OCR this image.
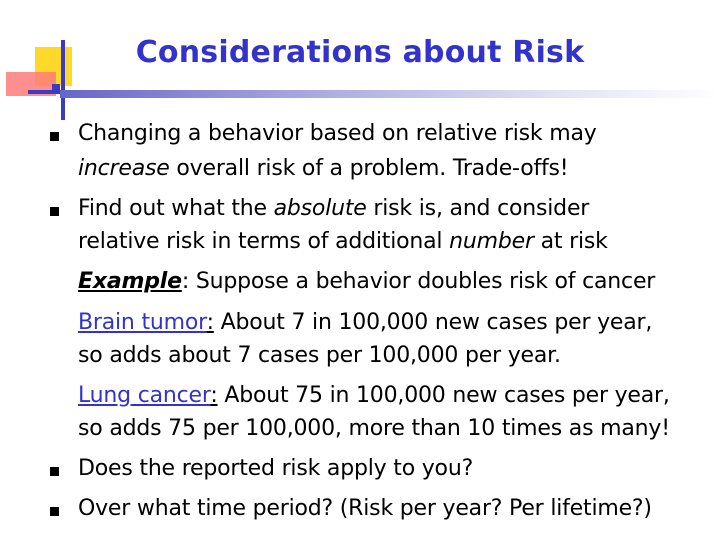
Considerations about Risk
Changing a behavior based on relative risk may
increase overall risk of a problem. Trade-offs!
Find out what the absolute risk is, and consider
relative risk in terms of additional number at risk
Example: Suppose a behavior doubles risk of cancer
Brain tumor: About 7 in 100,000 new cases per year,
so adds about 7 cases per 100,000 per year.
Lung cancer: About 75 in 100,000 new cases per year,
so adds 75 per 100,000, more than 10 times as many!
Does the reported risk apply to you?
Over what time period? (Risk per year? Per lifetime?)
